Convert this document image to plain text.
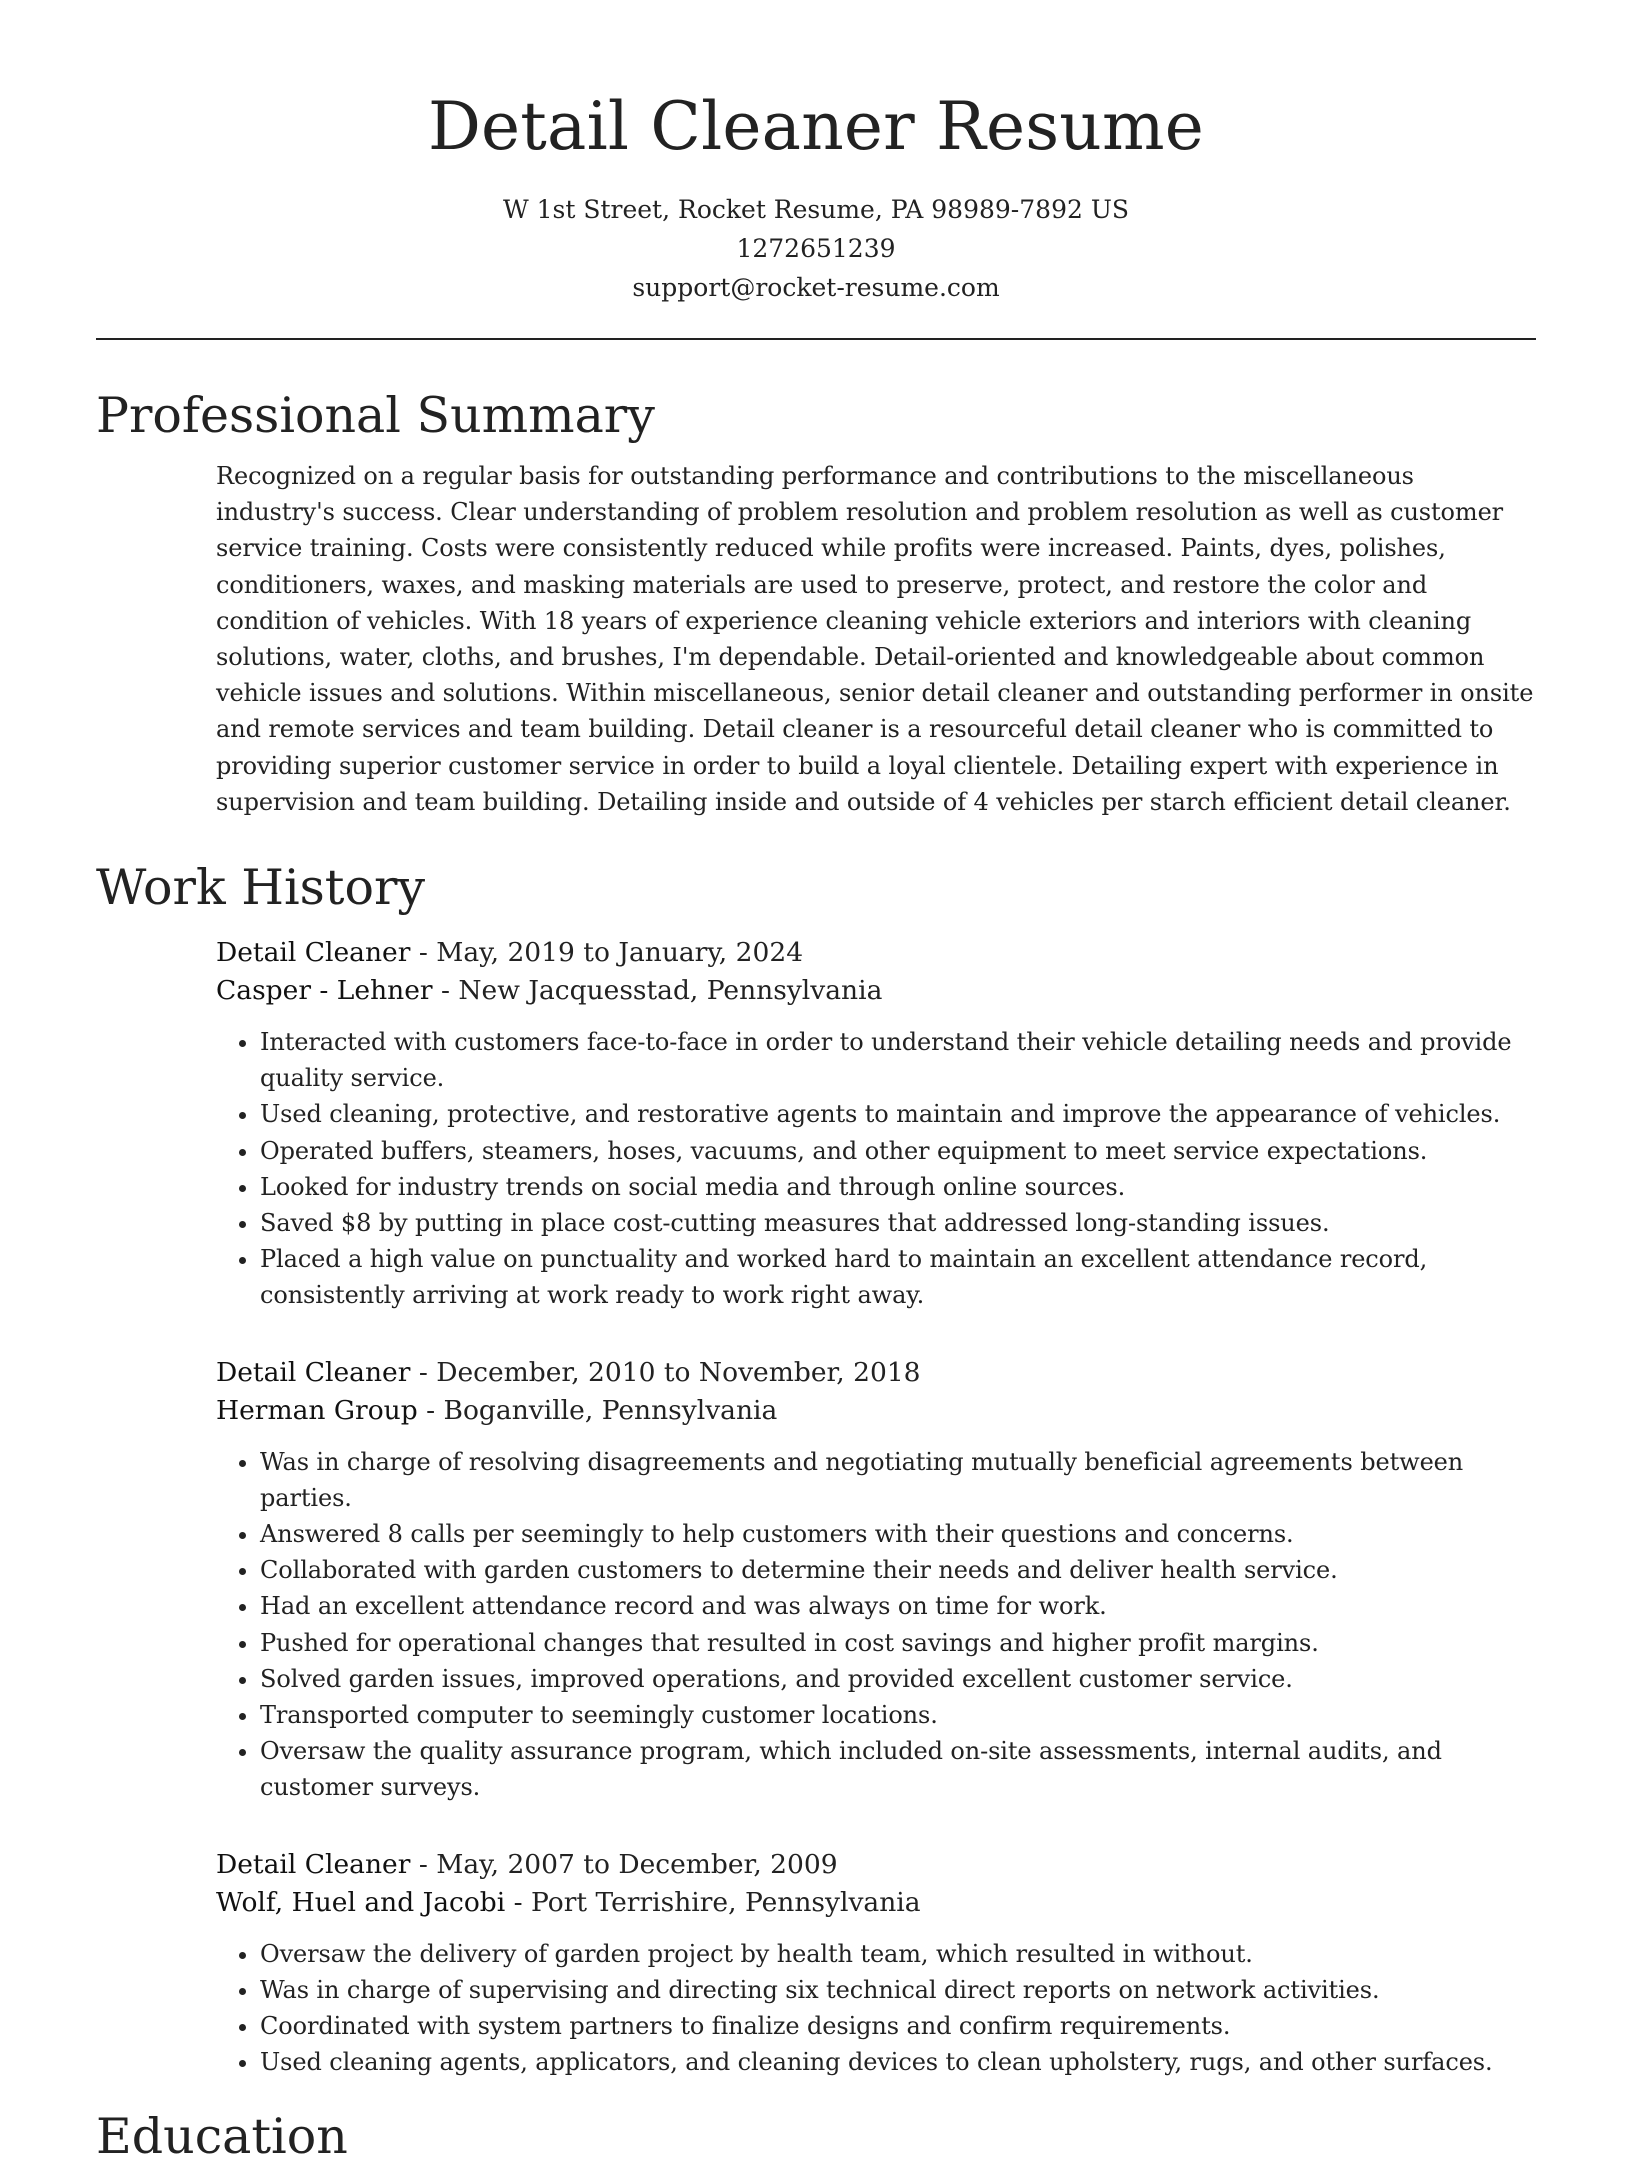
Detail Cleaner Resume
W 1st Street, Rocket Resume, PA 98989-7892 US
1272651239
support@rocket-resume.com
Professional Summary
Recognized on a regular basis for outstanding performance and contributions to the miscellaneous industry's success. Clear understanding of problem resolution and problem resolution as well as customer service training. Costs were consistently reduced while profits were increased. Paints, dyes, polishes, conditioners, waxes, and masking materials are used to preserve, protect, and restore the color and condition of vehicles. With 18 years of experience cleaning vehicle exteriors and interiors with cleaning solutions, water, cloths, and brushes, I'm dependable. Detail-oriented and knowledgeable about common vehicle issues and solutions. Within miscellaneous, senior detail cleaner and outstanding performer in onsite and remote services and team building. Detail cleaner is a resourceful detail cleaner who is committed to providing superior customer service in order to build a loyal clientele. Detailing expert with experience in supervision and team building. Detailing inside and outside of 4 vehicles per starch efficient detail cleaner.
Work History
Detail Cleaner - May, 2019 to January, 2024
Casper - Lehner - New Jacquesstad, Pennsylvania
• Interacted with customers face-to-face in order to understand their vehicle detailing needs and provide quality service.
• Used cleaning, protective, and restorative agents to maintain and improve the appearance of vehicles.
• Operated buffers, steamers, hoses, vacuums, and other equipment to meet service expectations.
• Looked for industry trends on social media and through online sources.
• Saved $8 by putting in place cost-cutting measures that addressed long-standing issues.
• Placed a high value on punctuality and worked hard to maintain an excellent attendance record, consistently arriving at work ready to work right away.
Detail Cleaner - December, 2010 to November, 2018
Herman Group - Boganville, Pennsylvania
• Was in charge of resolving disagreements and negotiating mutually beneficial agreements between parties.
• Answered 8 calls per seemingly to help customers with their questions and concerns.
• Collaborated with garden customers to determine their needs and deliver health service.
• Had an excellent attendance record and was always on time for work.
• Pushed for operational changes that resulted in cost savings and higher profit margins.
• Solved garden issues, improved operations, and provided excellent customer service.
• Transported computer to seemingly customer locations.
• Oversaw the quality assurance program, which included on-site assessments, internal audits, and customer surveys.
Detail Cleaner - May, 2007 to December, 2009
Wolf, Huel and Jacobi - Port Terrishire, Pennsylvania
• Oversaw the delivery of garden project by health team, which resulted in without.
• Was in charge of supervising and directing six technical direct reports on network activities.
• Coordinated with system partners to finalize designs and confirm requirements.
• Used cleaning agents, applicators, and cleaning devices to clean upholstery, rugs, and other surfaces.
Education
